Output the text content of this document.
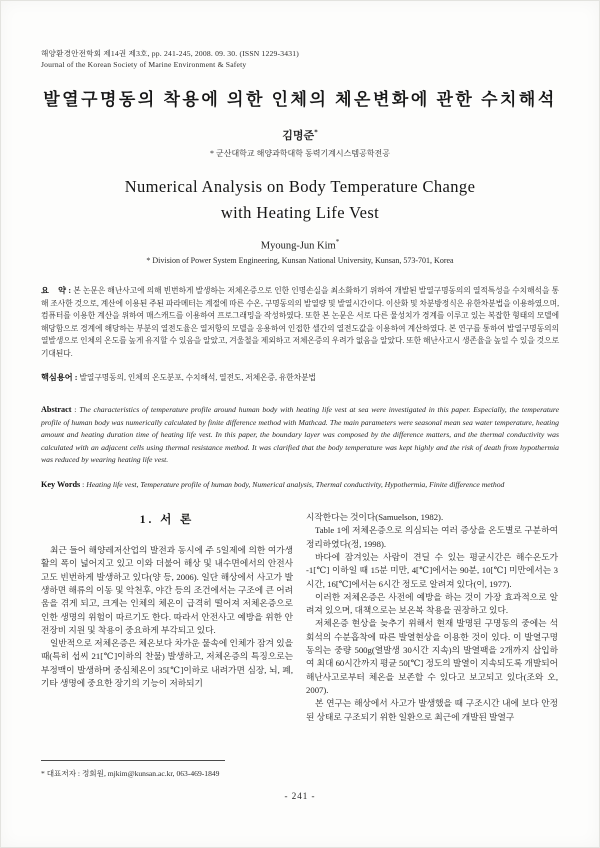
해양환경안전학회 제14권 제3호, pp. 241-245, 2008. 09. 30. (ISSN 1229-3431)
Journal of the Korean Society of Marine Environment & Safety
발열구명동의 착용에 의한 인체의 체온변화에 관한 수치해석
김명준*
* 군산대학교 해양과학대학 동력기계시스템공학전공
Numerical Analysis on Body Temperature Change
with Heating Life Vest
Myoung-Jun Kim*
* Division of Power System Engineering, Kunsan National University, Kunsan, 573-701, Korea
요    약 : 본 논문은 해난사고에 의해 빈번하게 발생하는 저체온증으로 인한 인명손실을 최소화하기 위하여 개발된 발열구명동의의 열적특성을 수치해석을 통해 조사한 것으로, 계산에 이용된 주된 파라메터는 계절에 따른 수온, 구명동의의 발열량 및 발열시간이다. 이산화 및 차분방정식은 유한차분법을 이용하였으며, 컴퓨터를 이용한 계산을 위하여 매스캐드를 이용하여 프로그래밍을 작성하였다. 또한 본 논문은 서로 다른 물성치가 경계를 이루고 있는 복잡한 형태의 모델에 해당함으로 경계에 해당하는 부분의 열전도율은 열저항의 모델을 응용하여 인접한 셀간의 열전도값을 이용하여 계산하였다. 본 연구를 통하여 발열구명동의의 열발생으로 인체의 온도를 높게 유지할 수 있음을 알았고, 겨울철을 제외하고 저체온증의 우려가 없음을 알았다. 또한 해난사고시 생존율을 높일 수 있을 것으로 기대된다.
핵심용어 : 발열구명동의, 인체의 온도분포, 수치해석, 열전도, 저체온증, 유한차분법
Abstract : The characteristics of temperature profile around human body with heating life vest at sea were investigated in this paper. Especially, the temperature profile of human body was numerically calculated by finite difference method with Mathcad. The main parameters were seasonal mean sea water temperature, heating amount and heating duration time of heating life vest. In this paper, the boundary layer was composed by the difference matters, and the thermal conductivity was calculated with an adjacent cells using thermal resistance method. It was clarified that the body temperature was kept highly and the risk of death from hypothermia was reduced by wearing heating life vest.
Key Words : Heating life vest, Temperature profile of human body, Numerical analysis, Thermal conductivity, Hypothermia, Finite difference method
1. 서 론
최근 들어 해양레저산업의 발전과 동시에 주 5일제에 의한 여가생활의 폭이 넓어지고 있고 이와 더불어 해상 및 내수면에서의 안전사고도 빈번하게 발생하고 있다(양 등, 2006). 일단 해상에서 사고가 발생하면 해류의 이동 및 악천후, 야간 등의 조건에서는 구조에 큰 어려움을 겪게 되고, 크게는 인체의 체온이 급격히 떨어져 저체온증으로 인한 생명의 위험이 따르기도 한다. 따라서 안전사고 예방을 위한 안전장비 지원 및 착용이 중요하게 부각되고 있다.
일반적으로 저체온증은 체온보다 차가운 물속에 인체가 잠겨 있을 때(특히 섭씨 21[℃]이하의 찬물) 발생하고, 저체온증의 특징으로는 부정맥이 발생하며 중심체온이 35[℃]이하로 내려가면 심장, 뇌, 폐, 기타 생명에 중요한 장기의 기능이 저하되기
시작한다는 것이다(Samuelson, 1982).
Table 1에 저체온증으로 의심되는 여러 증상을 온도별로 구분하여 정리하였다(정, 1998).
바다에 잠겨있는 사람이 견딜 수 있는 평균시간은 해수온도가 -1[℃] 이하일 때 15분 미만, 4[℃]에서는 90분, 10[℃] 미만에서는 3시간, 16[℃]에서는 6시간 정도로 알려져 있다(이, 1977).
이러한 저체온증은 사전에 예방을 하는 것이 가장 효과적으로 알려져 있으며, 대책으로는 보온복 착용을 권장하고 있다.
저체온증 현상을 늦추기 위해서 현재 발명된 구명동의 중에는 석회석의 수분흡착에 따른 발열현상을 이용한 것이 있다. 이 발열구명동의는 중량 500g(열발생 30시간 지속)의 발열팩을 2개까지 삽입하여 최대 60시간까지 평균 50[℃] 정도의 발열이 지속되도록 개발되어 해난사고로부터 체온을 보존할 수 있다고 보고되고 있다(조와 오, 2007).
본 연구는 해상에서 사고가 발생했을 때 구조시간 내에 보다 안정된 상태로 구조되기 위한 일환으로 최근에 개발된 발열구
* 대표저자 : 정회원, mjkim@kunsan.ac.kr, 063-469-1849
- 241 -
